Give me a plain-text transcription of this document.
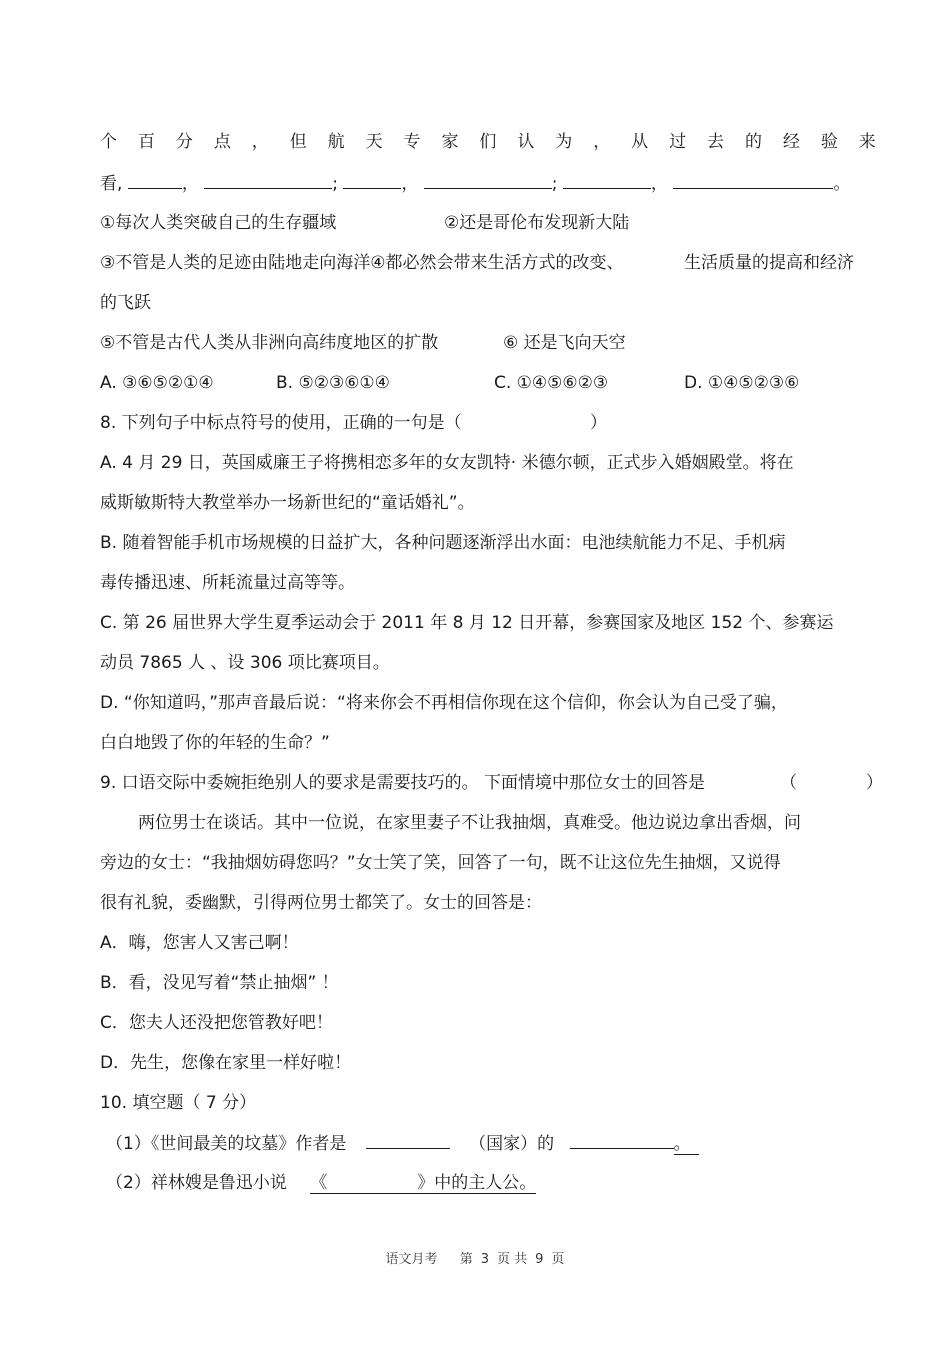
个 百 分 点 ， 但 航 天 专 家 们 认 为 ， 从 过 去 的 经 验 来
看,	，	;	，	;	，	。
①每次人类突破自己的生存疆域	②还是哥伦布发现新大陆
③不管是人类的足迹由陆地走向海洋④都必然会带来生活方式的改变、	生活质量的提高和经济
的飞跃
⑤不管是古代人类从非洲向高纬度地区的扩散	⑥ 还是飞向天空
A. ③⑥⑤②①④	B. ⑤②③⑥①④	C. ①④⑤⑥②③	D. ①④⑤②③⑥
8. 下列句子中标点符号的使用，正确的一句是（	）
A. 4 月 29 日，英国威廉王子将携相恋多年的女友凯特· 米德尔顿，正式步入婚姻殿堂。将在
威斯敏斯特大教堂举办一场新世纪的“童话婚礼”。
B. 随着智能手机市场规模的日益扩大，各种问题逐渐浮出水面：电池续航能力不足、手机病
毒传播迅速、所耗流量过高等等。
C. 第 26 届世界大学生夏季运动会于 2011 年 8 月 12 日开幕，参赛国家及地区 152 个、参赛运
动员 7865 人 、设 306 项比赛项目。
D. “你知道吗，”那声音最后说：“将来你会不再相信你现在这个信仰，你会认为自己受了骗，
白白地毁了你的年轻的生命？”
9. 口语交际中委婉拒绝别人的要求是需要技巧的。 下面情境中那位女士的回答是	（	）
两位男士在谈话。其中一位说，在家里妻子不让我抽烟，真难受。他边说边拿出香烟，问
旁边的女士：“我抽烟妨碍您吗？”女士笑了笑，回答了一句，既不让这位先生抽烟，又说得
很有礼貌，委幽默，引得两位男士都笑了。女士的回答是：
A．嗨，您害人又害己啊！
B．看，没见写着“禁止抽烟” ！
C．您夫人还没把您管教好吧！
D．先生，您像在家里一样好啦！
10. 填空题（ 7 分）
（1）《世间最美的坟墓》作者是	（国家）的	。
（2）祥林嫂是鲁迅小说 《	》中的主人公。
语文月考 第 3 页 共 9 页
